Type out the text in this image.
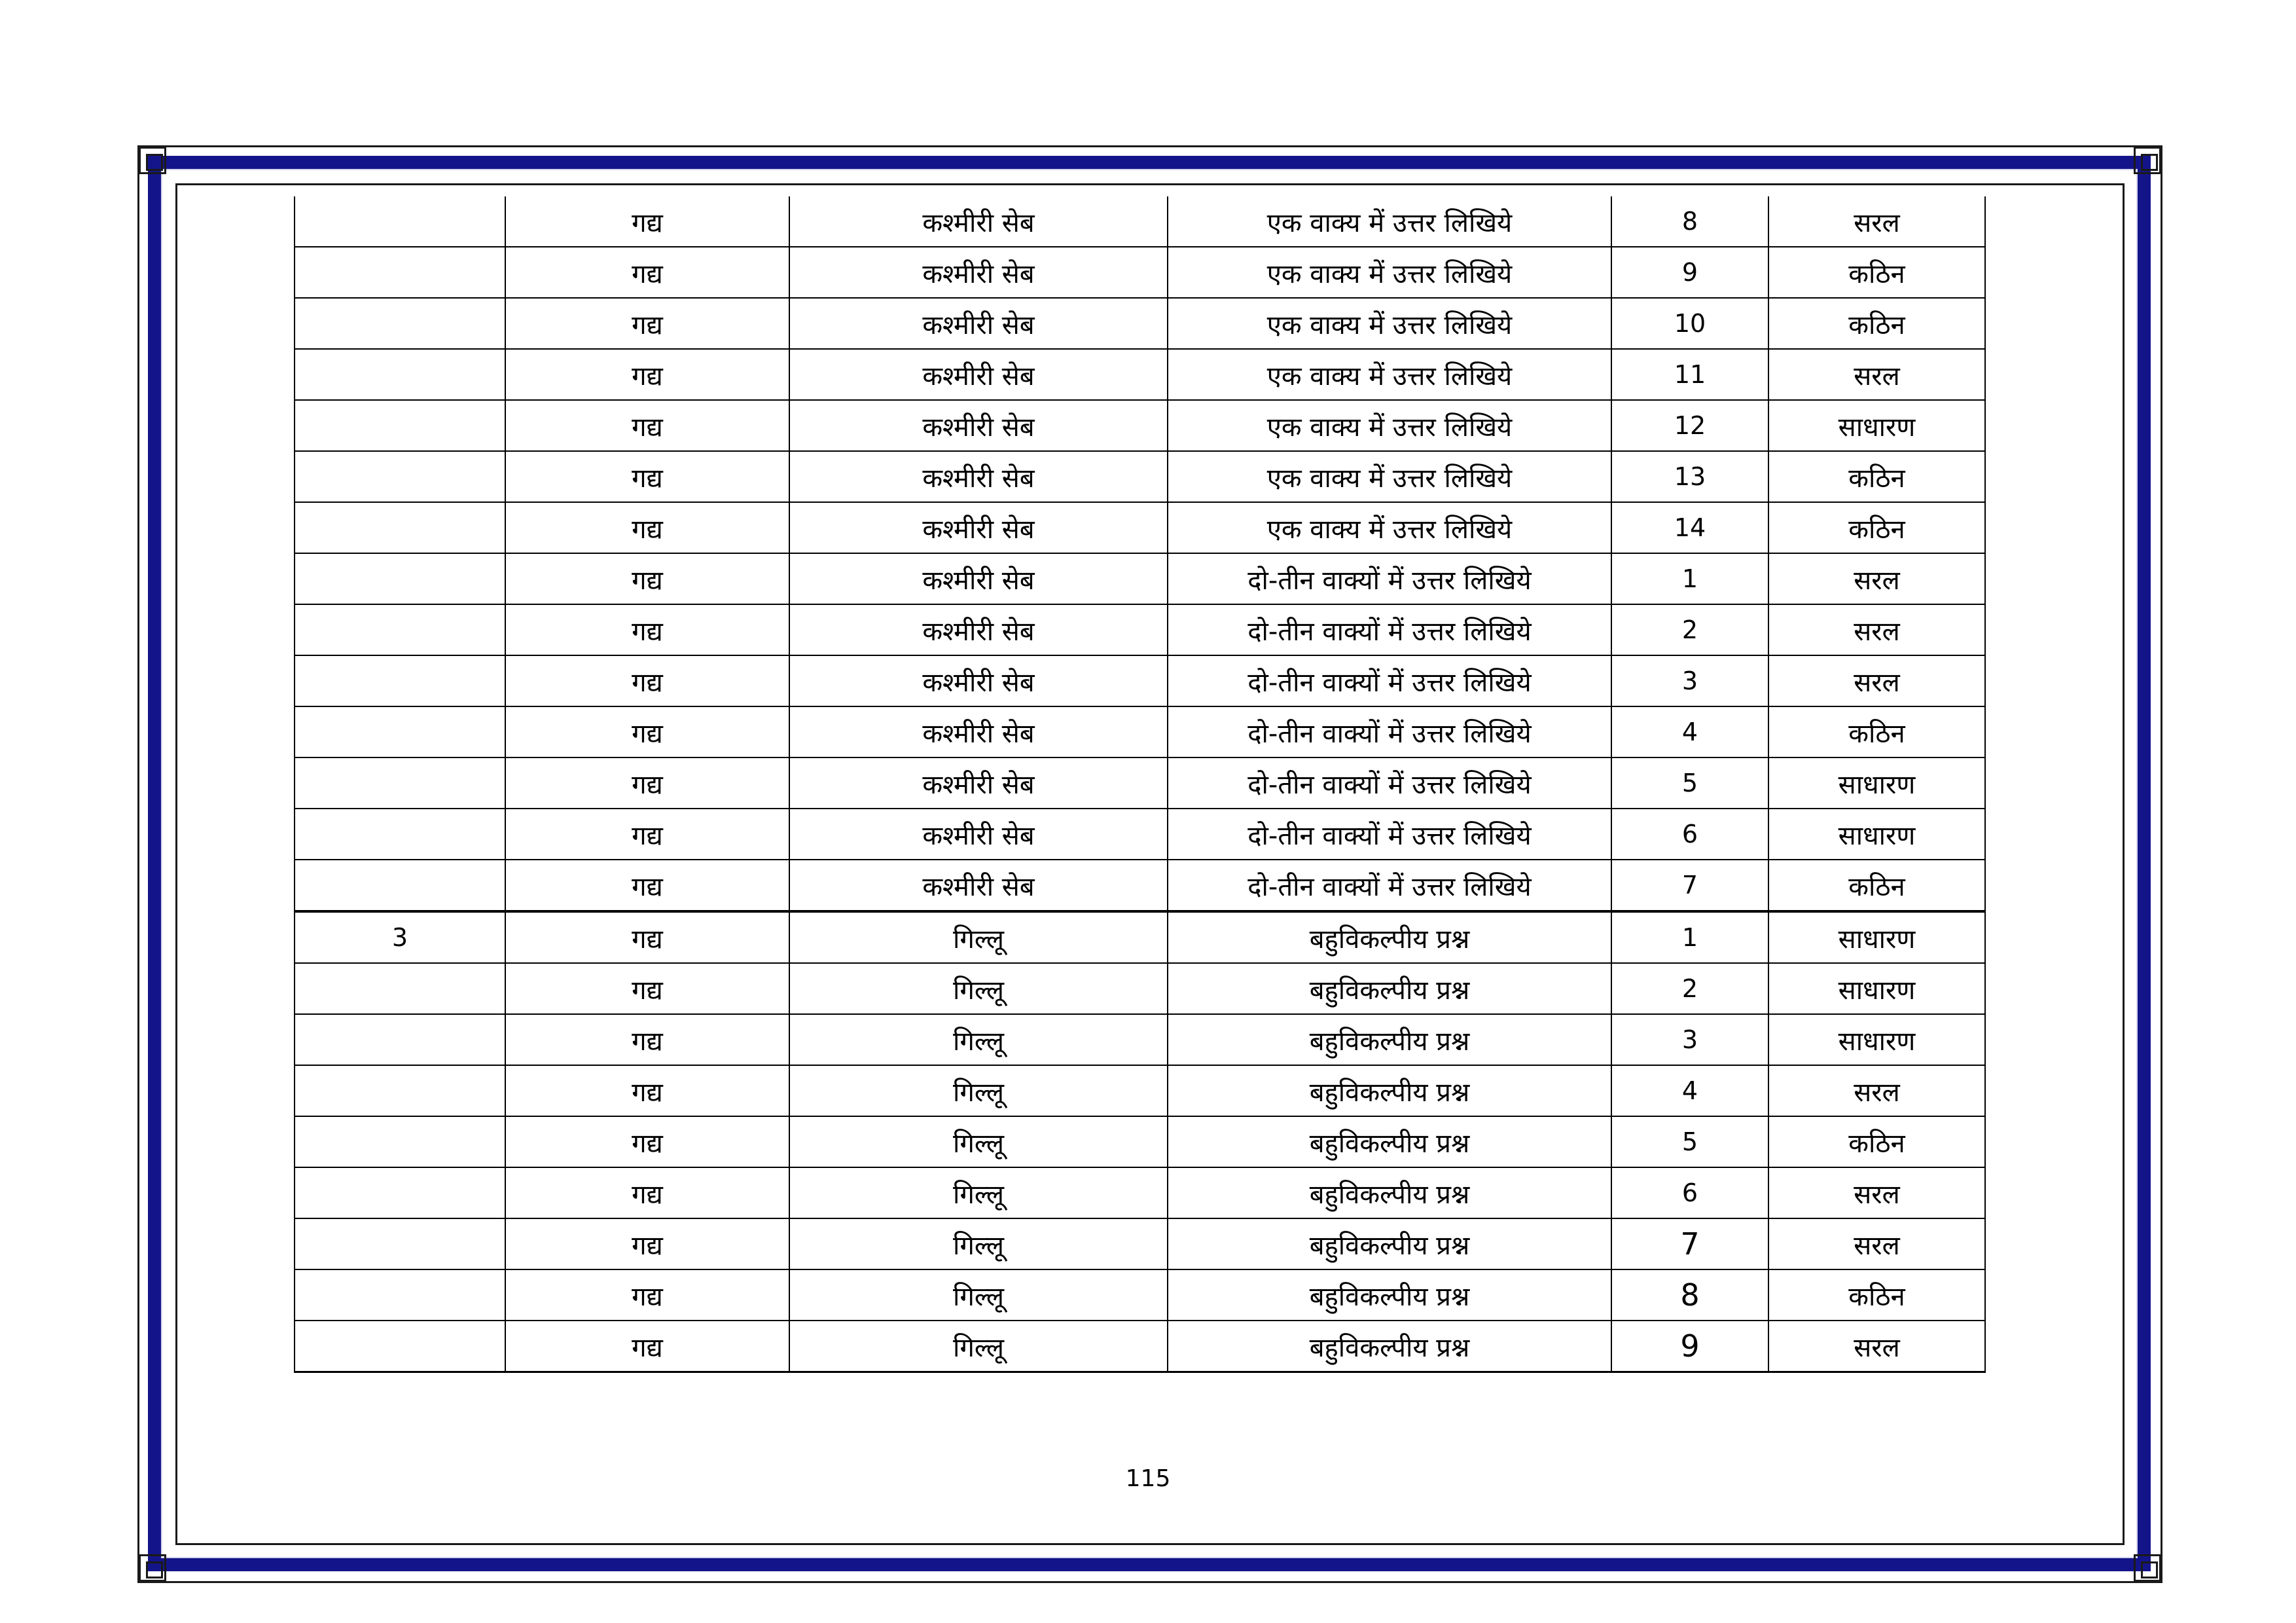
	गद्य	कश्मीरी सेब	एक वाक्य में उत्तर लिखिये	8	सरल
	गद्य	कश्मीरी सेब	एक वाक्य में उत्तर लिखिये	9	कठिन
	गद्य	कश्मीरी सेब	एक वाक्य में उत्तर लिखिये	10	कठिन
	गद्य	कश्मीरी सेब	एक वाक्य में उत्तर लिखिये	11	सरल
	गद्य	कश्मीरी सेब	एक वाक्य में उत्तर लिखिये	12	साधारण
	गद्य	कश्मीरी सेब	एक वाक्य में उत्तर लिखिये	13	कठिन
	गद्य	कश्मीरी सेब	एक वाक्य में उत्तर लिखिये	14	कठिन
	गद्य	कश्मीरी सेब	दो-तीन वाक्यों में उत्तर लिखिये	1	सरल
	गद्य	कश्मीरी सेब	दो-तीन वाक्यों में उत्तर लिखिये	2	सरल
	गद्य	कश्मीरी सेब	दो-तीन वाक्यों में उत्तर लिखिये	3	सरल
	गद्य	कश्मीरी सेब	दो-तीन वाक्यों में उत्तर लिखिये	4	कठिन
	गद्य	कश्मीरी सेब	दो-तीन वाक्यों में उत्तर लिखिये	5	साधारण
	गद्य	कश्मीरी सेब	दो-तीन वाक्यों में उत्तर लिखिये	6	साधारण
	गद्य	कश्मीरी सेब	दो-तीन वाक्यों में उत्तर लिखिये	7	कठिन
3	गद्य	गिल्लू	बहुविकल्पीय प्रश्न	1	साधारण
	गद्य	गिल्लू	बहुविकल्पीय प्रश्न	2	साधारण
	गद्य	गिल्लू	बहुविकल्पीय प्रश्न	3	साधारण
	गद्य	गिल्लू	बहुविकल्पीय प्रश्न	4	सरल
	गद्य	गिल्लू	बहुविकल्पीय प्रश्न	5	कठिन
	गद्य	गिल्लू	बहुविकल्पीय प्रश्न	6	सरल
	गद्य	गिल्लू	बहुविकल्पीय प्रश्न	7	सरल
	गद्य	गिल्लू	बहुविकल्पीय प्रश्न	8	कठिन
	गद्य	गिल्लू	बहुविकल्पीय प्रश्न	9	सरल
115
